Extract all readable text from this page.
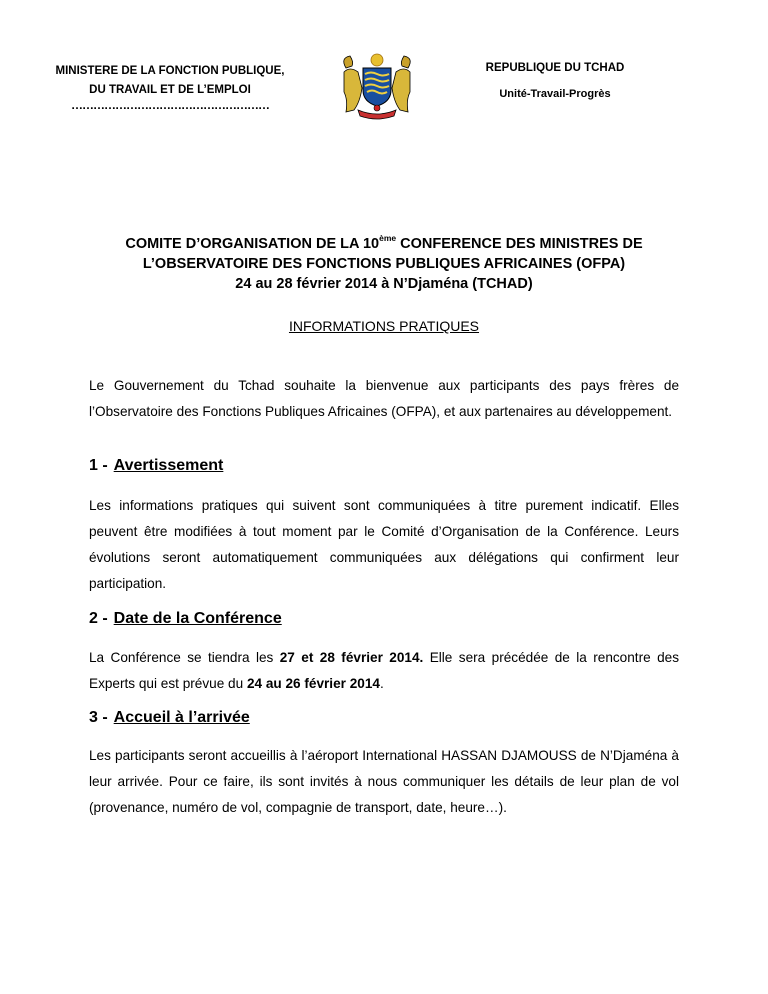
MINISTERE DE LA FONCTION PUBLIQUE,
DU TRAVAIL ET DE L’EMPLOI
………………………………………………
REPUBLIQUE DU TCHAD
Unité-Travail-Progrès
COMITE D’ORGANISATION DE LA 10ème CONFERENCE DES MINISTRES DE
L’OBSERVATOIRE DES FONCTIONS PUBLIQUES AFRICAINES (OFPA)
24 au 28 février 2014 à N’Djaména (TCHAD)
INFORMATIONS PRATIQUES
Le Gouvernement du Tchad souhaite la bienvenue aux participants des pays frères de l’Observatoire des Fonctions Publiques Africaines (OFPA), et aux partenaires au développement.
1 - Avertissement
Les informations pratiques qui suivent sont communiquées à titre purement indicatif. Elles peuvent être modifiées à tout moment par le Comité d’Organisation de la Conférence. Leurs évolutions seront automatiquement communiquées aux délégations qui confirment leur participation.
2 - Date de la Conférence
La Conférence se tiendra les 27 et 28 février 2014. Elle sera précédée de la rencontre des Experts qui est prévue du 24 au 26 février 2014.
3 - Accueil à l’arrivée
Les participants seront accueillis à l’aéroport International HASSAN DJAMOUSS de N’Djaména à leur arrivée. Pour ce faire, ils sont invités à nous communiquer les détails de leur plan de vol (provenance, numéro de vol, compagnie de transport, date, heure…).
